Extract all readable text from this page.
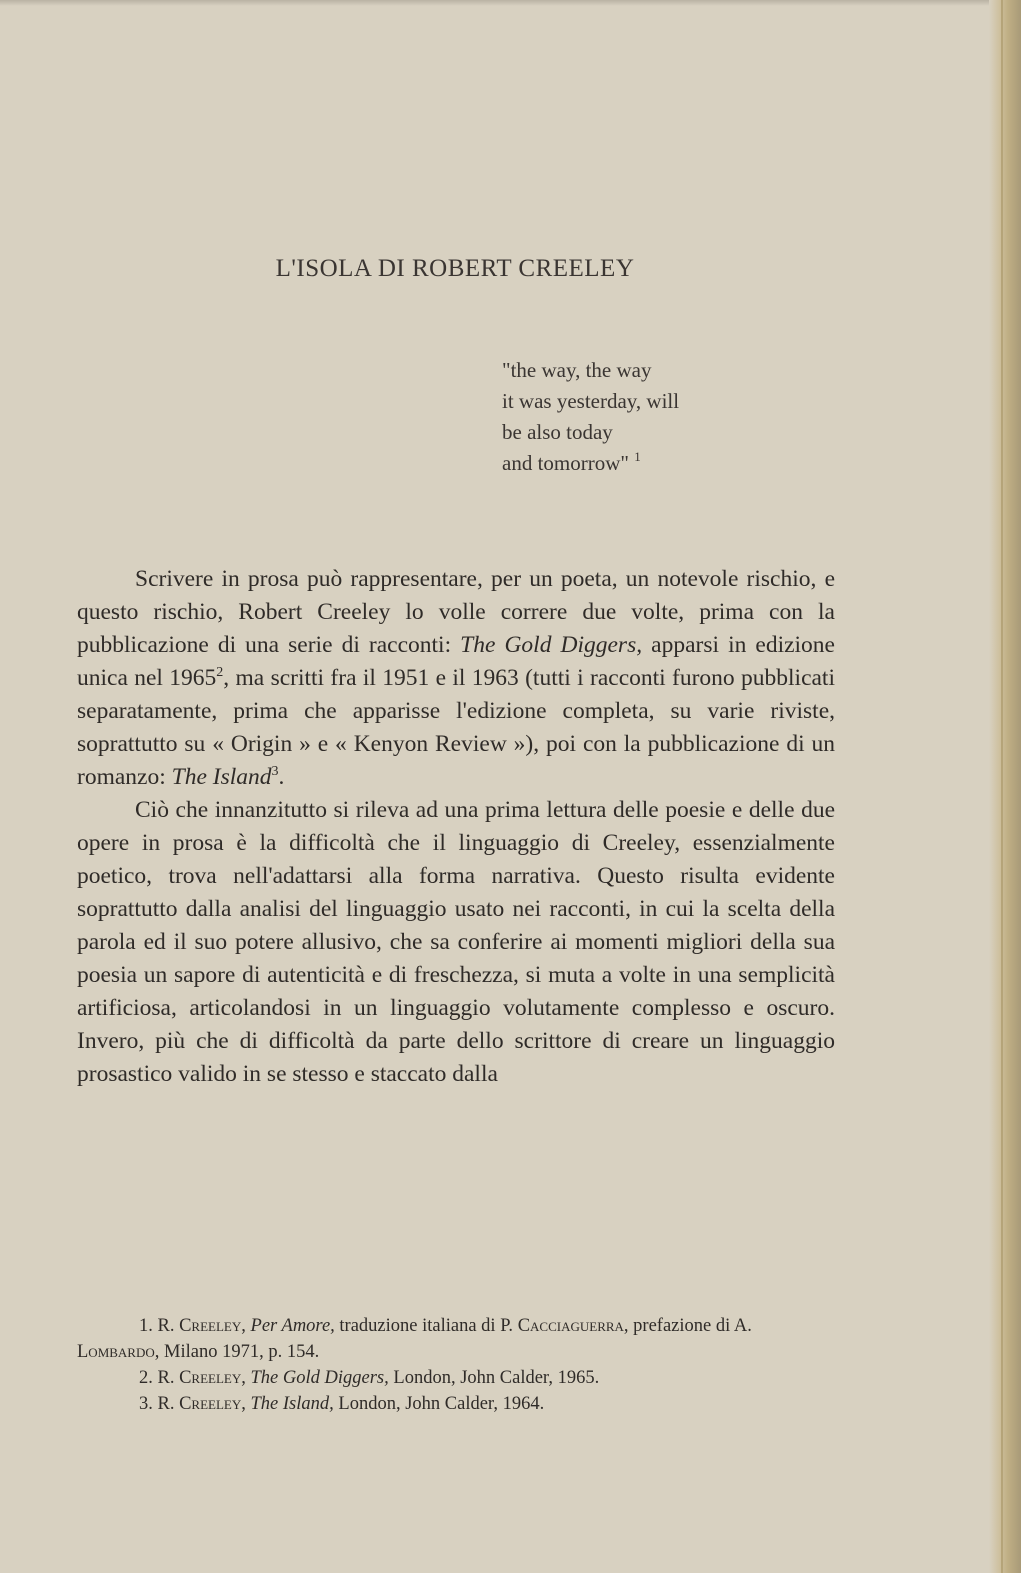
L'ISOLA DI ROBERT CREELEY
"the way, the way
it was yesterday, will
be also today
and tomorrow" $^1$

Scrivere in prosa può rappresentare, per un poeta, un notevole rischio, e questo rischio, Robert Creeley lo volle correre due volte, prima con la pubblicazione di una serie di racconti: The Gold Diggers, apparsi in edizione unica nel 1965$^2$, ma scritti fra il 1951 e il 1963 (tutti i racconti furono pubblicati separatamente, prima che apparisse l'edizione completa, su varie riviste, soprattutto su « Origin » e « Kenyon Review »), poi con la pubblicazione di un romanzo: The Island$^3$.

Ciò che innanzitutto si rileva ad una prima lettura delle poesie e delle due opere in prosa è la difficoltà che il linguaggio di Creeley, essenzialmente poetico, trova nell'adattarsi alla forma narrativa. Questo risulta evidente soprattutto dalla analisi del linguaggio usato nei racconti, in cui la scelta della parola ed il suo potere allusivo, che sa conferire ai momenti migliori della sua poesia un sapore di autenticità e di freschezza, si muta a volte in una semplicità artificiosa, articolandosi in un linguaggio volutamente complesso e oscuro. Invero, più che di difficoltà da parte dello scrittore di creare un linguaggio prosastico valido in se stesso e staccato dalla

1. R. Creeley, Per Amore, traduzione italiana di P. Cacciaguerra, prefazione di A. Lombardo, Milano 1971, p. 154.

2. R. Creeley, The Gold Diggers, London, John Calder, 1965.

3. R. Creeley, The Island, London, John Calder, 1964.
